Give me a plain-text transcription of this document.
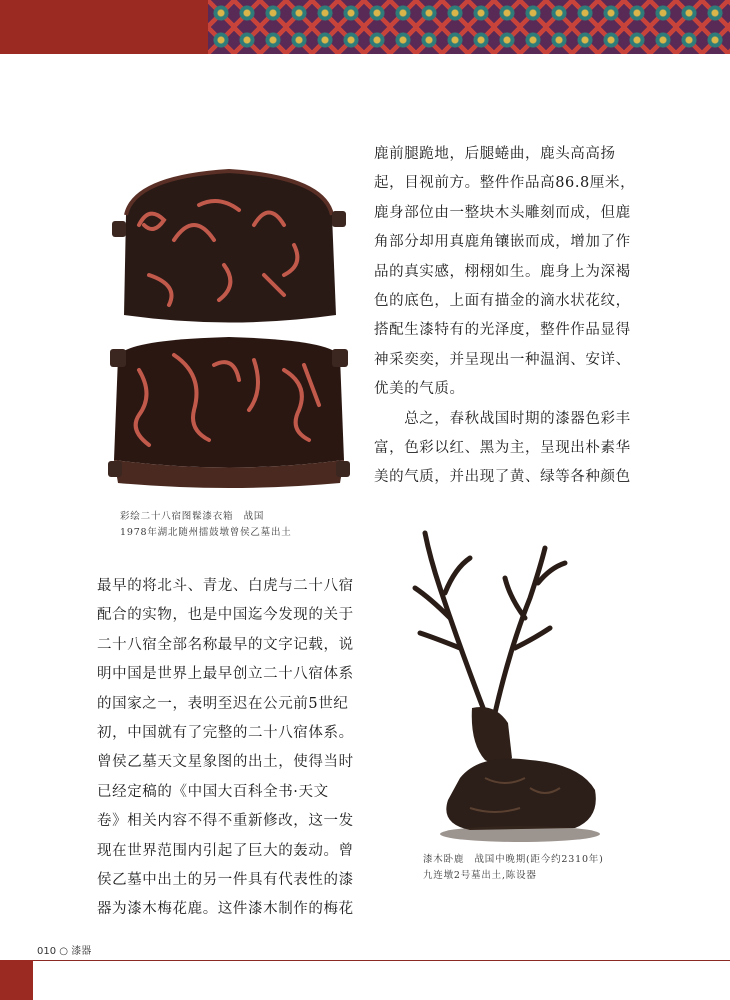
鹿前腿跪地，后腿蜷曲，鹿头高高扬
起，目视前方。整件作品高86.8厘米，
鹿身部位由一整块木头雕刻而成，但鹿
角部分却用真鹿角镶嵌而成，增加了作
品的真实感，栩栩如生。鹿身上为深褐
色的底色，上面有描金的滴水状花纹，
搭配生漆特有的光泽度，整件作品显得
神采奕奕，并呈现出一种温润、安详、
优美的气质。
　　总之，春秋战国时期的漆器色彩丰
富，色彩以红、黑为主，呈现出朴素华
美的气质，并出现了黄、绿等各种颜色
彩绘二十八宿图髹漆衣箱　战国
1978年湖北随州擂鼓墩曾侯乙墓出土
最早的将北斗、青龙、白虎与二十八宿
配合的实物，也是中国迄今发现的关于
二十八宿全部名称最早的文字记载，说
明中国是世界上最早创立二十八宿体系
的国家之一，表明至迟在公元前5世纪
初，中国就有了完整的二十八宿体系。
曾侯乙墓天文星象图的出土，使得当时
已经定稿的《中国大百科全书·天文
卷》相关内容不得不重新修改，这一发
现在世界范围内引起了巨大的轰动。曾
侯乙墓中出土的另一件具有代表性的漆
器为漆木梅花鹿。这件漆木制作的梅花
漆木卧鹿　战国中晚期(距今约2310年)
九连墩2号墓出土,陈设器
010 ○ 漆器
